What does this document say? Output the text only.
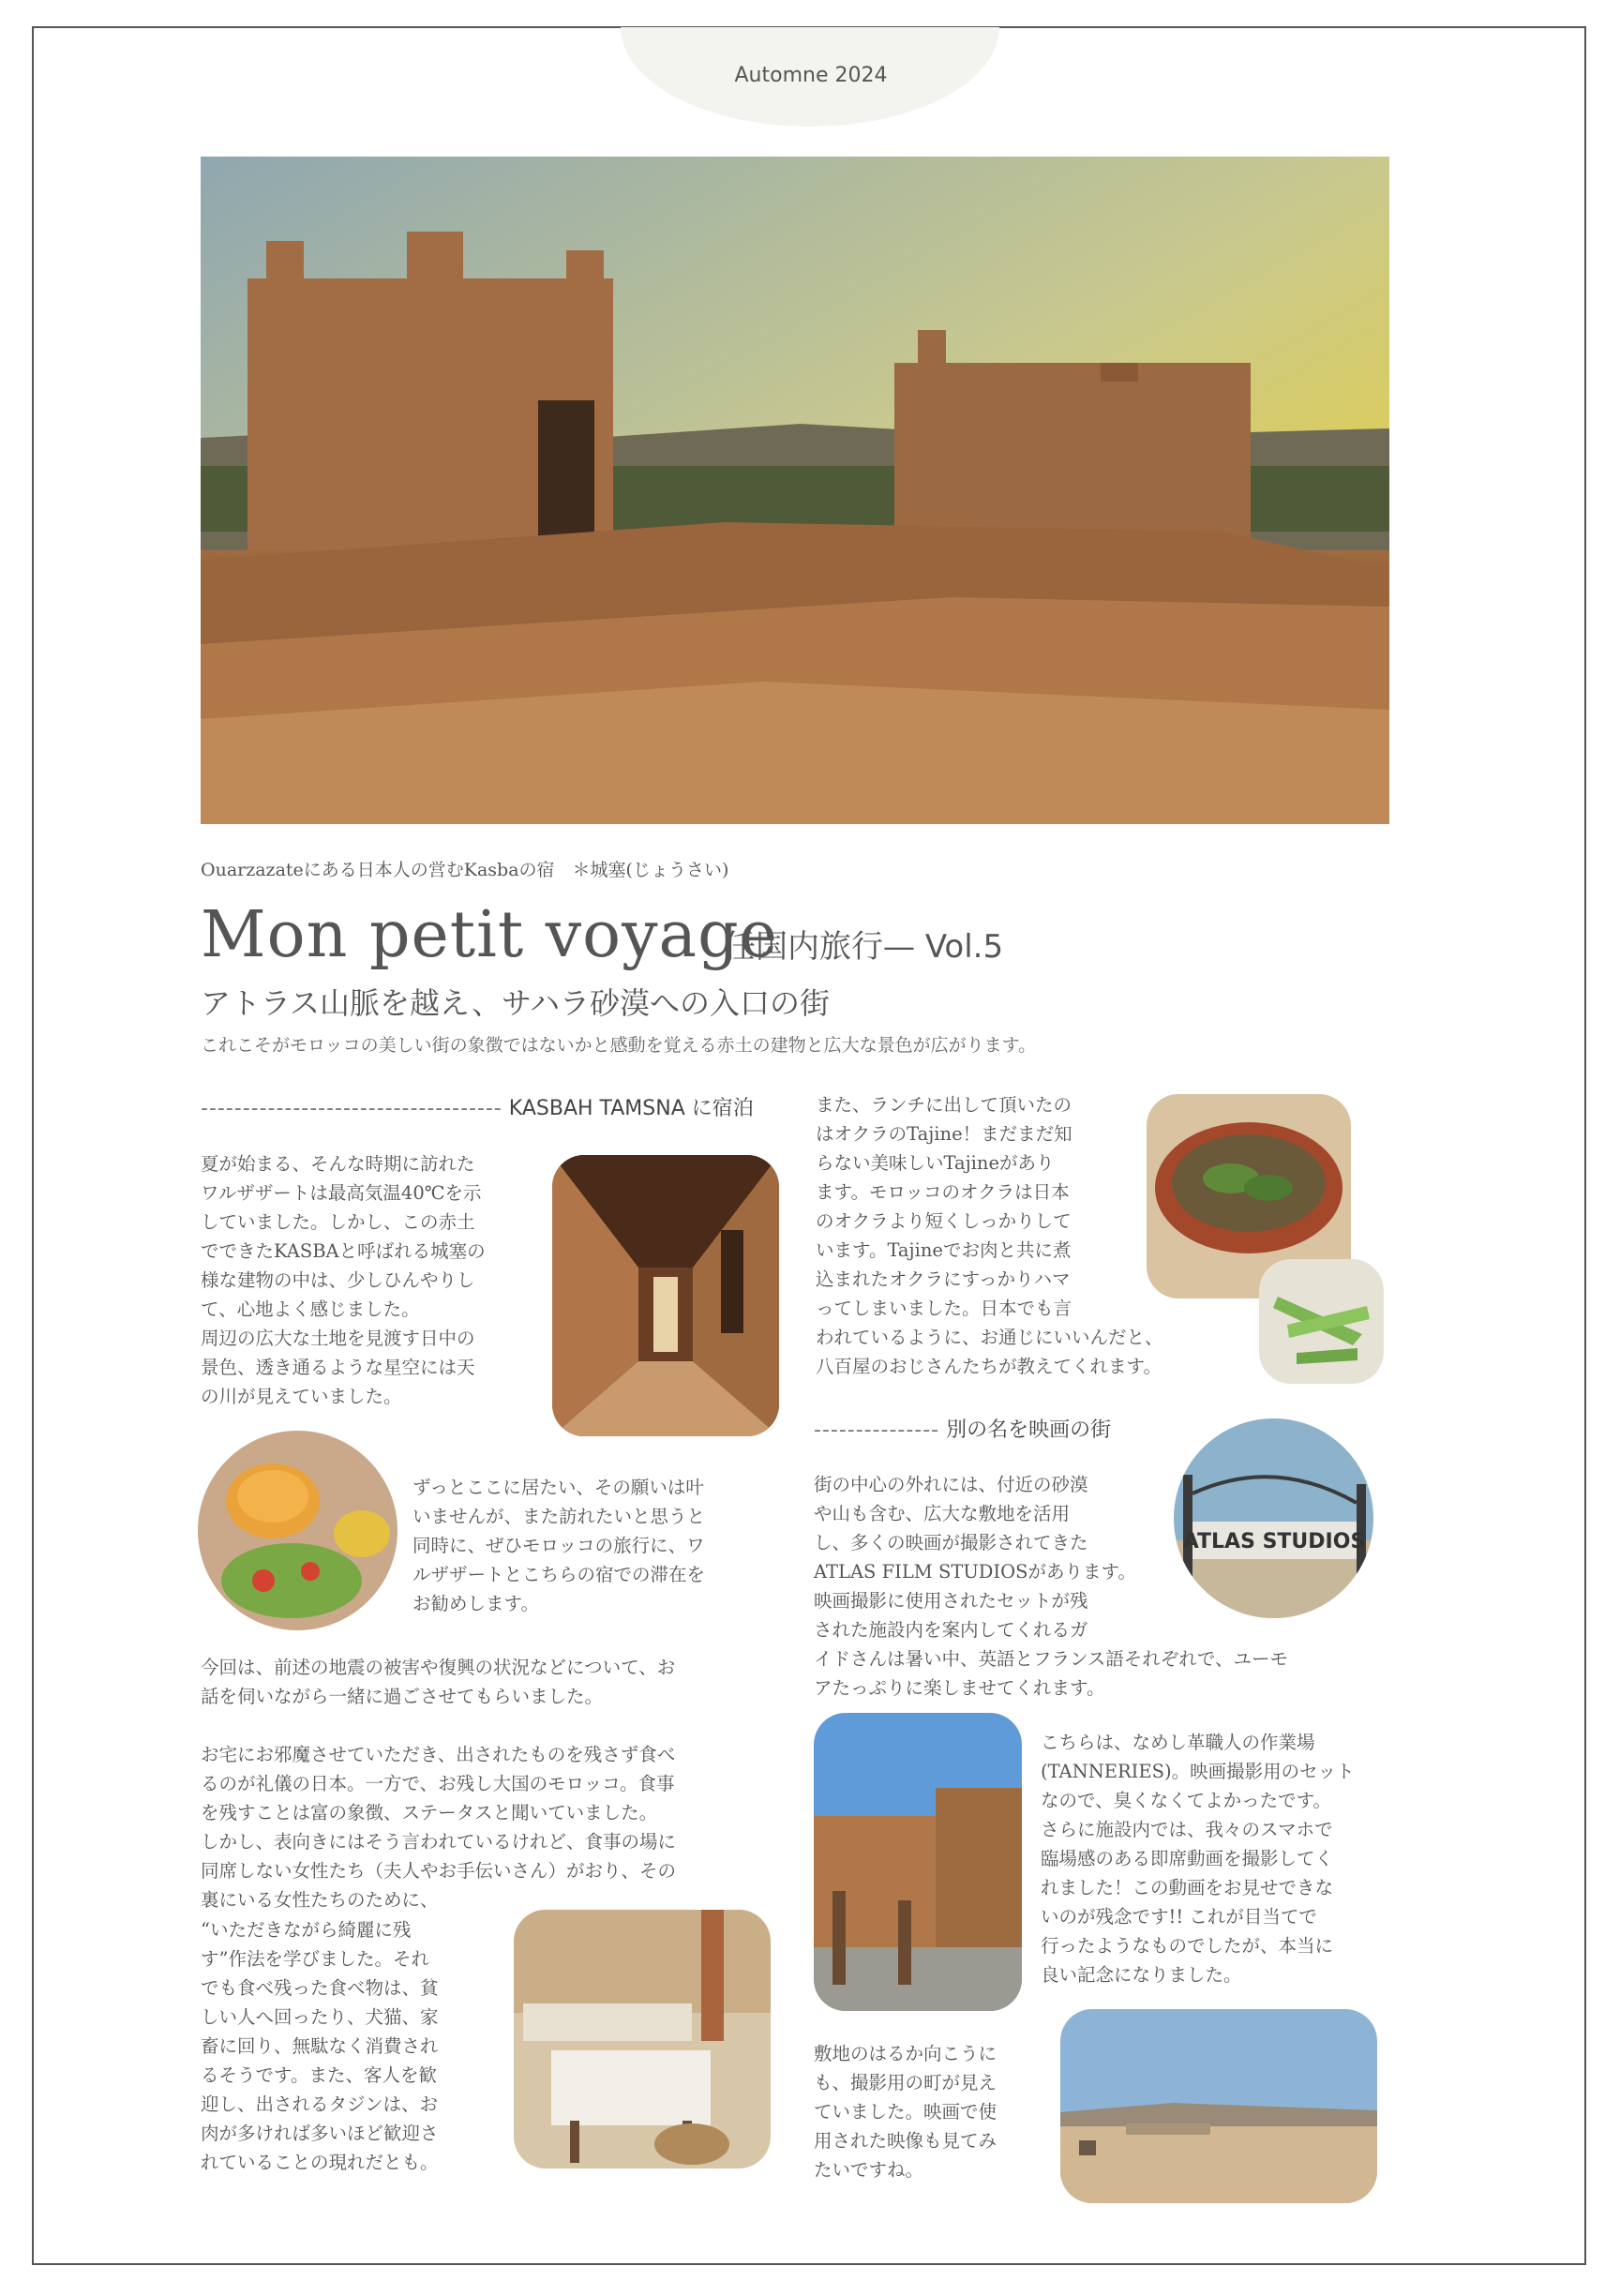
Automne 2024
Ouarzazateにある日本人の営むKasbaの宿　＊城塞(じょうさい)
Mon petit voyage
任国内旅行— Vol.5
アトラス山脈を越え、サハラ砂漠への入口の街
これこそがモロッコの美しい街の象徴ではないかと感動を覚える赤土の建物と広大な景色が広がります。
------------------------------------ KASBAH TAMSNA に宿泊

夏が始まる、そんな時期に訪れた
ワルザザートは最高気温40℃を示
していました。しかし、この赤土
でできたKASBAと呼ばれる城塞の
様な建物の中は、少しひんやりし
て、心地よく感じました。
周辺の広大な土地を見渡す日中の
景色、透き通るような星空には天
の川が見えていました。

ずっとここに居たい、その願いは叶
いませんが、また訪れたいと思うと
同時に、ぜひモロッコの旅行に、ワ
ルザザートとこちらの宿での滞在を
お勧めします。

今回は、前述の地震の被害や復興の状況などについて、お
話を伺いながら一緒に過ごさせてもらいました。

お宅にお邪魔させていただき、出されたものを残さず食べ
るのが礼儀の日本。一方で、お残し大国のモロッコ。食事
を残すことは富の象徴、ステータスと聞いていました。
しかし、表向きにはそう言われているけれど、食事の場に
同席しない女性たち（夫人やお手伝いさん）がおり、その
裏にいる女性たちのために、

“いただきながら綺麗に残
す”作法を学びました。それ
でも食べ残った食べ物は、貧
しい人へ回ったり、犬猫、家
畜に回り、無駄なく消費され
るそうです。また、客人を歓
迎し、出されるタジンは、お
肉が多ければ多いほど歓迎さ
れていることの現れだとも。

また、ランチに出して頂いたの
はオクラのTajine！まだまだ知
らない美味しいTajineがあり
ます。モロッコのオクラは日本
のオクラより短くしっかりして
います。Tajineでお肉と共に煮
込まれたオクラにすっかりハマ
ってしまいました。日本でも言
われているように、お通じにいいんだと、
八百屋のおじさんたちが教えてくれます。

--------------- 別の名を映画の街

街の中心の外れには、付近の砂漠
や山も含む、広大な敷地を活用
し、多くの映画が撮影されてきた
ATLAS FILM STUDIOSがあります。
映画撮影に使用されたセットが残
された施設内を案内してくれるガ
イドさんは暑い中、英語とフランス語それぞれで、ユーモ
アたっぷりに楽しませてくれます。

ATLAS STUDIOS

こちらは、なめし革職人の作業場
(TANNERIES)。映画撮影用のセット
なので、臭くなくてよかったです。
さらに施設内では、我々のスマホで
臨場感のある即席動画を撮影してく
れました！この動画をお見せできな
いのが残念です!! これが目当てで
行ったようなものでしたが、本当に
良い記念になりました。

敷地のはるか向こうに
も、撮影用の町が見え
ていました。映画で使
用された映像も見てみ
たいですね。
